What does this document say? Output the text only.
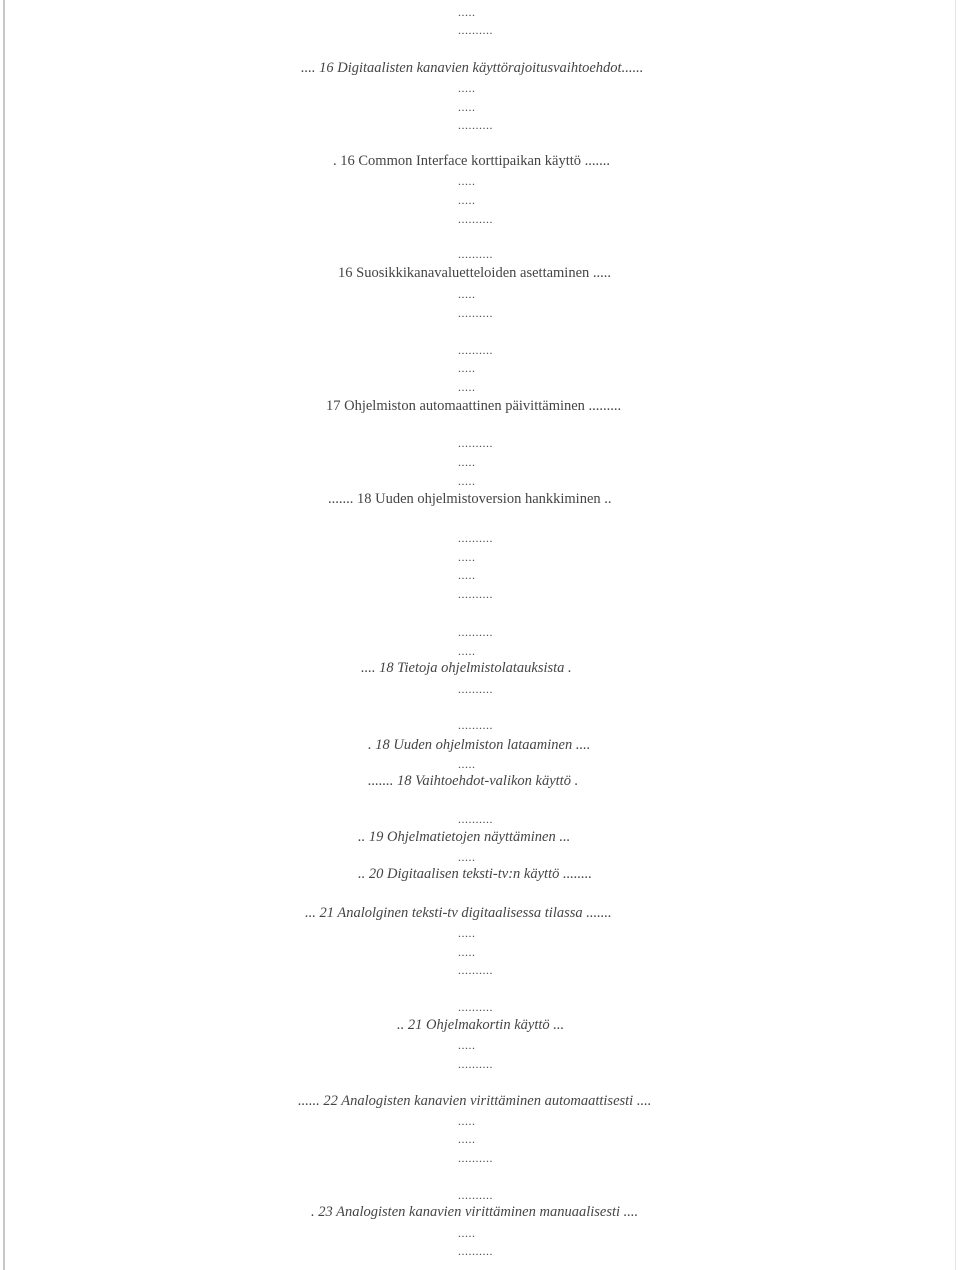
.....
..........
.... 16 Digitaalisten kanavien käyttörajoitusvaihtoehdot......
.....
.....
..........
. 16 Common Interface korttipaikan käyttö .......
.....
.....
..........
..........
16 Suosikkikanavaluetteloiden asettaminen .....
.....
..........
..........
.....
.....
17 Ohjelmiston automaattinen päivittäminen .........
..........
.....
.....
....... 18 Uuden ohjelmistoversion hankkiminen ..
..........
.....
.....
..........
..........
.....
.... 18 Tietoja ohjelmistolatauksista .
..........
..........
. 18 Uuden ohjelmiston lataaminen ....
.....
....... 18 Vaihtoehdot-valikon käyttö .
..........
.. 19 Ohjelmatietojen näyttäminen ...
.....
.. 20 Digitaalisen teksti-tv:n käyttö ........
... 21 Analolginen teksti-tv digitaalisessa tilassa .......
.....
.....
..........
..........
.. 21 Ohjelmakortin käyttö ...
.....
..........
...... 22 Analogisten kanavien virittäminen automaattisesti ....
.....
.....
..........
..........
. 23 Analogisten kanavien virittäminen manuaalisesti ....
.....
..........
